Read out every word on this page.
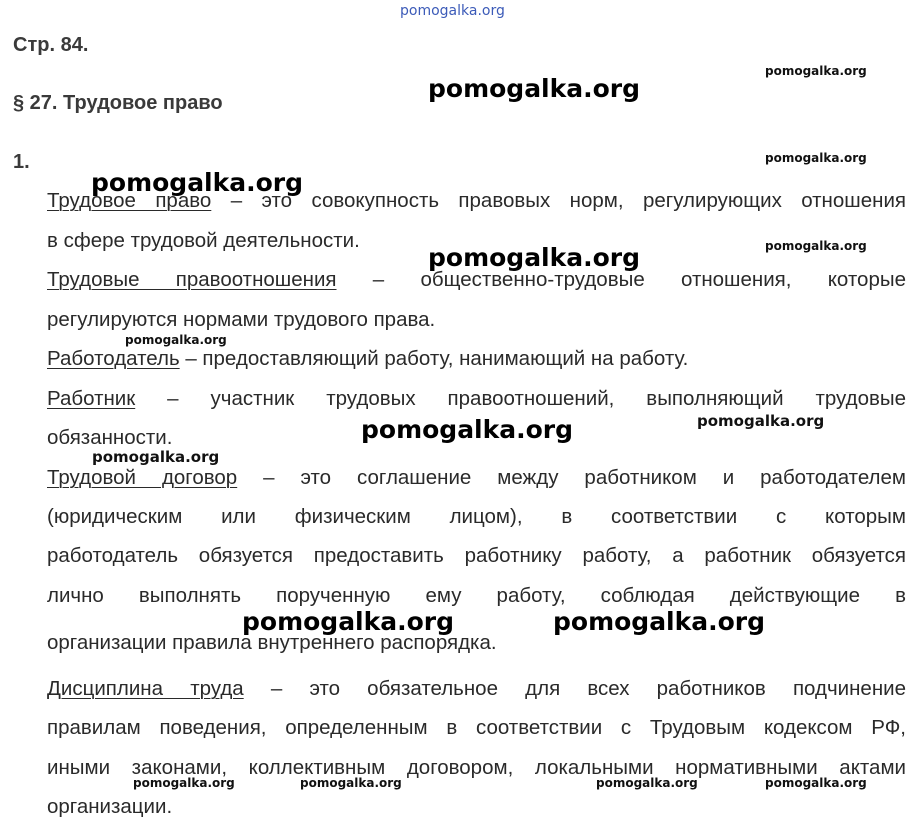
Стр. 84.
§ 27. Трудовое право
1.
Трудовое право – это совокупность правовых норм, регулирующих отношения
в сфере трудовой деятельности.
Трудовые правоотношения – общественно-трудовые отношения, которые
регулируются нормами трудового права.
Работодатель – предоставляющий работу, нанимающий на работу.
Работник – участник трудовых правоотношений, выполняющий трудовые
обязанности.
Трудовой договор – это соглашение между работником и работодателем
(юридическим или физическим лицом), в соответствии с которым
работодатель обязуется предоставить работнику работу, а работник обязуется
лично выполнять порученную ему работу, соблюдая действующие в
организации правила внутреннего распорядка.
Дисциплина труда – это обязательное для всех работников подчинение
правилам поведения, определенным в соответствии с Трудовым кодексом РФ,
иными законами, коллективным договором, локальными нормативными актами
организации.
pomogalka.org
pomogalka.org
pomogalka.org
pomogalka.org
pomogalka.org
pomogalka.org	pomogalka.org
pomogalka.org
pomogalka.org	pomogalka.org
pomogalka.org
pomogalka.org	pomogalka.org
pomogalka.org	pomogalka.org	pomogalka.org	pomogalka.org
